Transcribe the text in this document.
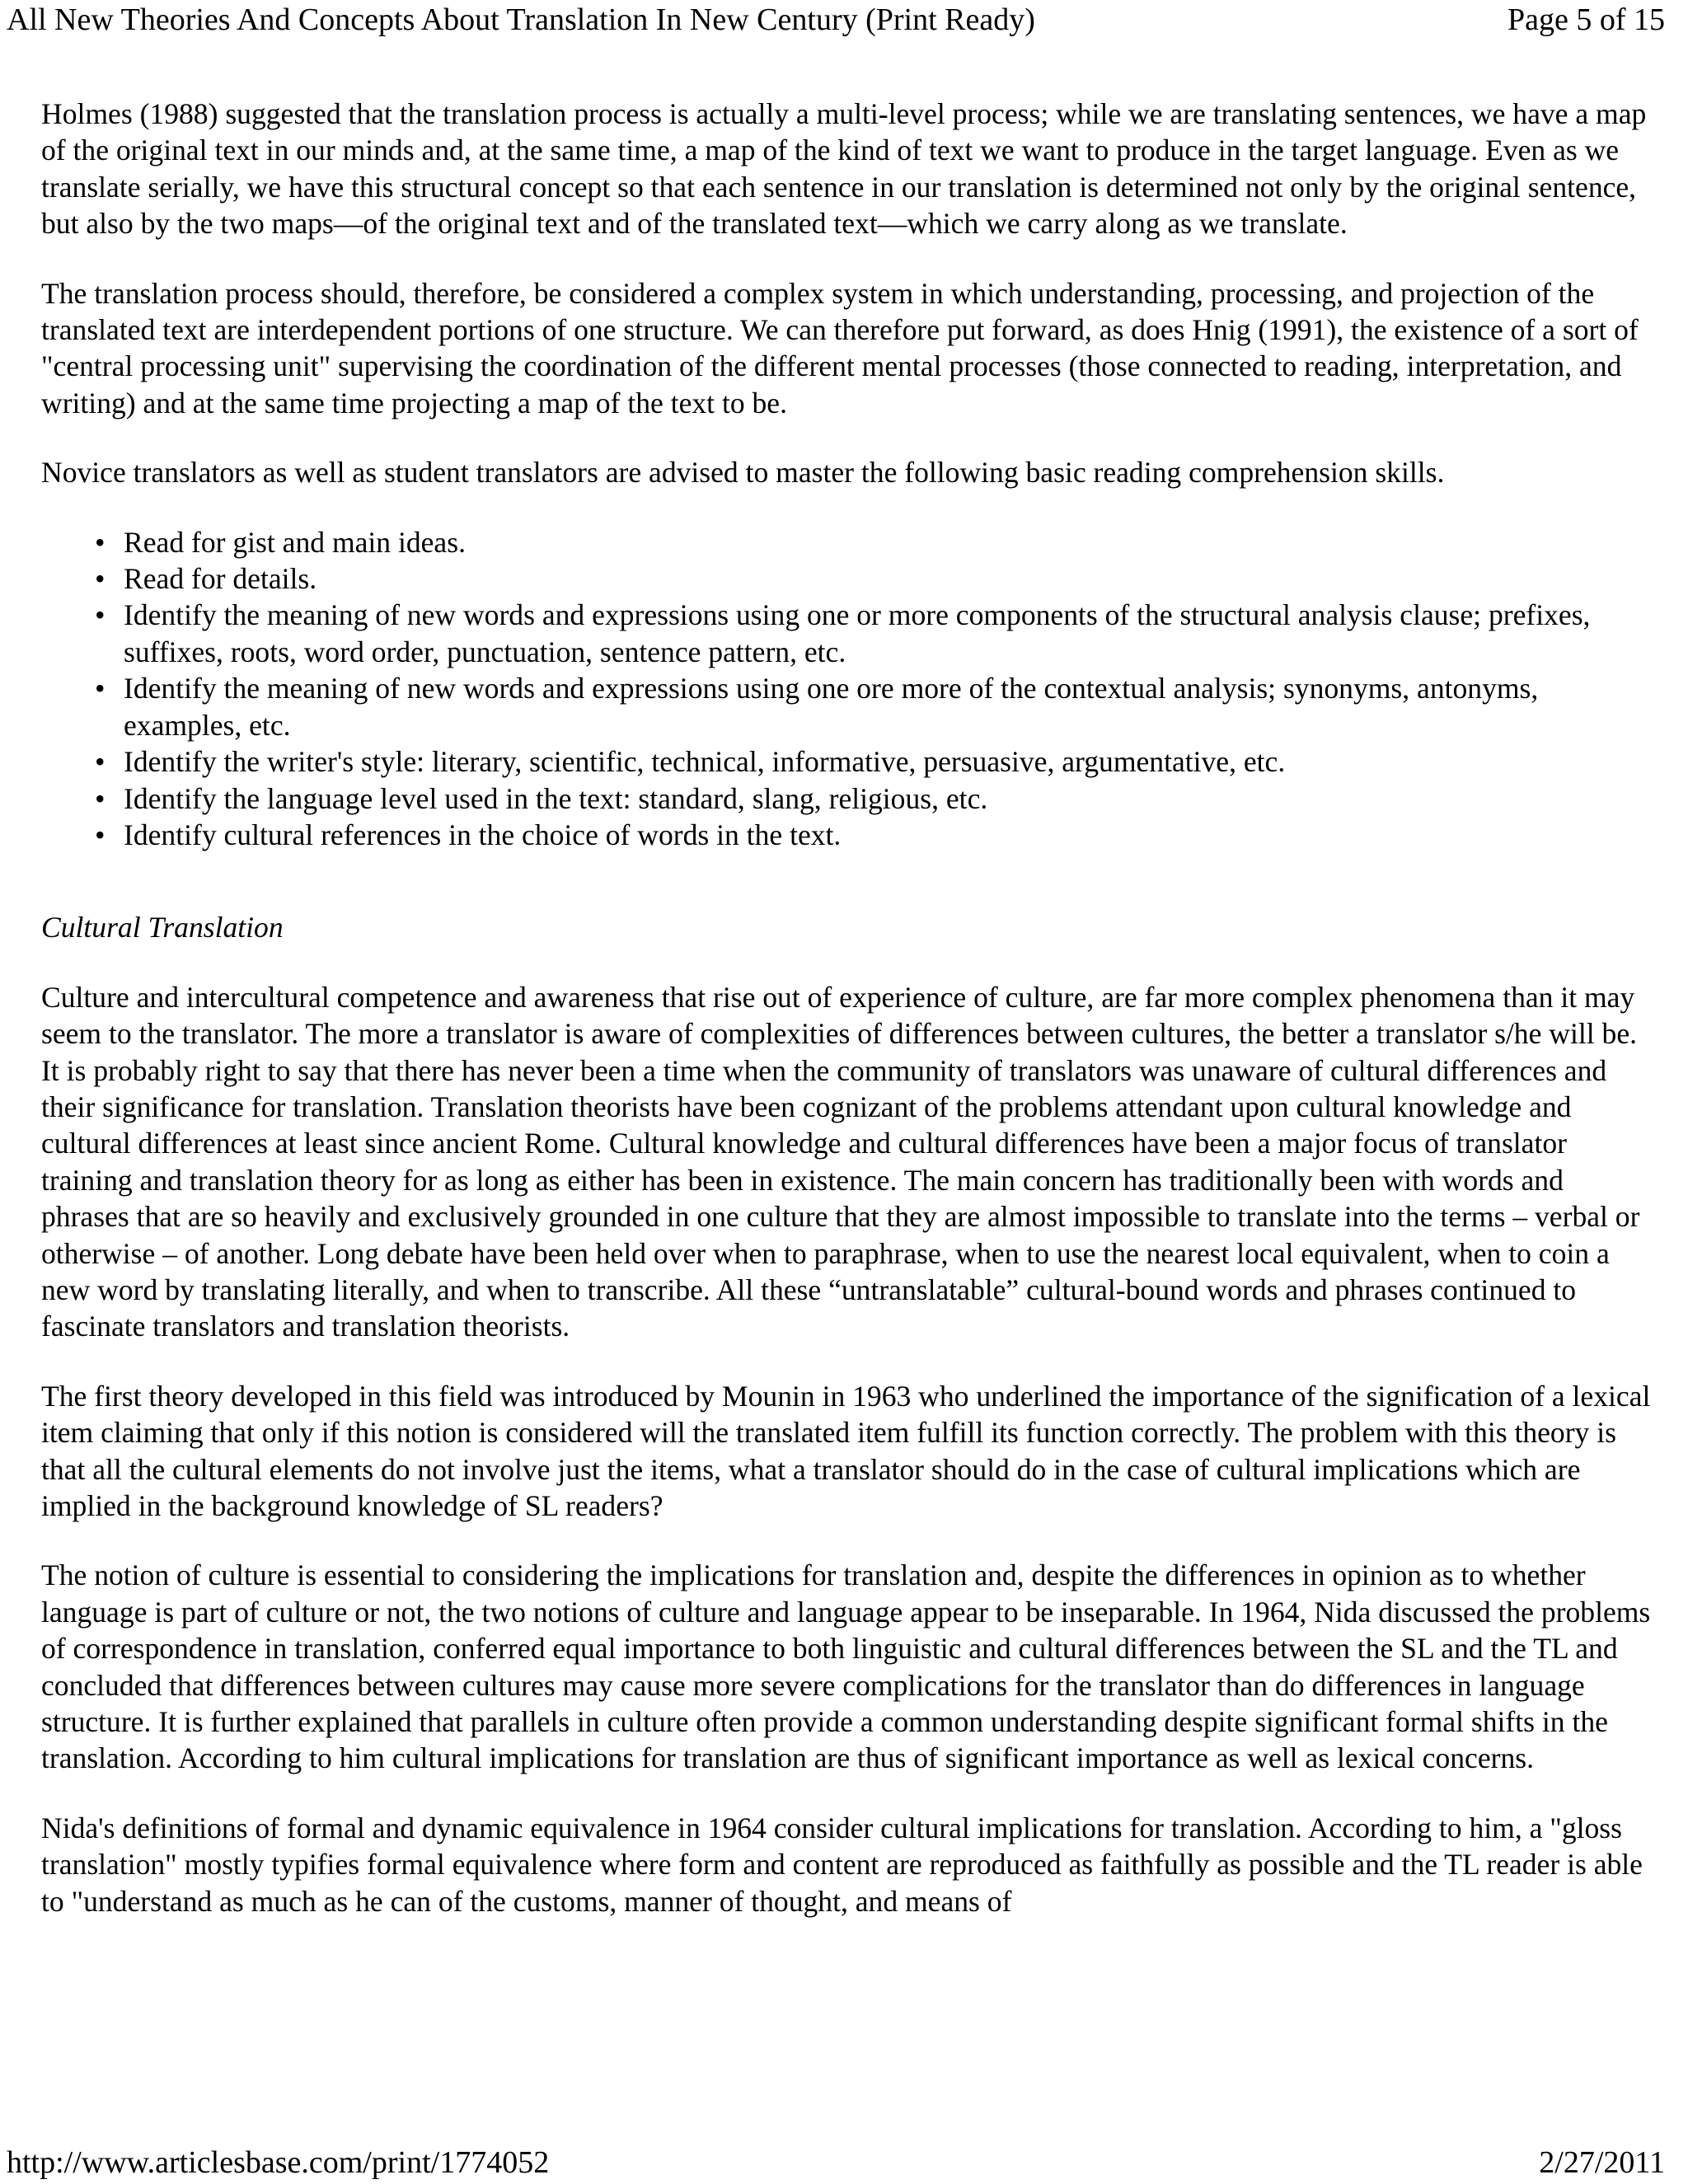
All New Theories And Concepts About Translation In New Century (Print Ready)	Page 5 of 15

Holmes (1988) suggested that the translation process is actually a multi-level process; while we are translating sentences, we have a map of the original text in our minds and, at the same time, a map of the kind of text we want to produce in the target language. Even as we translate serially, we have this structural concept so that each sentence in our translation is determined not only by the original sentence, but also by the two maps—of the original text and of the translated text—which we carry along as we translate.

The translation process should, therefore, be considered a complex system in which understanding, processing, and projection of the translated text are interdependent portions of one structure. We can therefore put forward, as does Hnig (1991), the existence of a sort of "central processing unit" supervising the coordination of the different mental processes (those connected to reading, interpretation, and writing) and at the same time projecting a map of the text to be.

Novice translators as well as student translators are advised to master the following basic reading comprehension skills.

• Read for gist and main ideas.
• Read for details.
• Identify the meaning of new words and expressions using one or more components of the structural analysis clause; prefixes, suffixes, roots, word order, punctuation, sentence pattern, etc.
• Identify the meaning of new words and expressions using one ore more of the contextual analysis; synonyms, antonyms, examples, etc.
• Identify the writer's style: literary, scientific, technical, informative, persuasive, argumentative, etc.
• Identify the language level used in the text: standard, slang, religious, etc.
• Identify cultural references in the choice of words in the text.

Cultural Translation

Culture and intercultural competence and awareness that rise out of experience of culture, are far more complex phenomena than it may seem to the translator. The more a translator is aware of complexities of differences between cultures, the better a translator s/he will be. It is probably right to say that there has never been a time when the community of translators was unaware of cultural differences and their significance for translation. Translation theorists have been cognizant of the problems attendant upon cultural knowledge and cultural differences at least since ancient Rome. Cultural knowledge and cultural differences have been a major focus of translator training and translation theory for as long as either has been in existence. The main concern has traditionally been with words and phrases that are so heavily and exclusively grounded in one culture that they are almost impossible to translate into the terms – verbal or otherwise – of another. Long debate have been held over when to paraphrase, when to use the nearest local equivalent, when to coin a new word by translating literally, and when to transcribe. All these “untranslatable” cultural-bound words and phrases continued to fascinate translators and translation theorists.

The first theory developed in this field was introduced by Mounin in 1963 who underlined the importance of the signification of a lexical item claiming that only if this notion is considered will the translated item fulfill its function correctly. The problem with this theory is that all the cultural elements do not involve just the items, what a translator should do in the case of cultural implications which are implied in the background knowledge of SL readers?

The notion of culture is essential to considering the implications for translation and, despite the differences in opinion as to whether language is part of culture or not, the two notions of culture and language appear to be inseparable. In 1964, Nida discussed the problems of correspondence in translation, conferred equal importance to both linguistic and cultural differences between the SL and the TL and concluded that differences between cultures may cause more severe complications for the translator than do differences in language structure. It is further explained that parallels in culture often provide a common understanding despite significant formal shifts in the translation. According to him cultural implications for translation are thus of significant importance as well as lexical concerns.

Nida's definitions of formal and dynamic equivalence in 1964 consider cultural implications for translation. According to him, a "gloss translation" mostly typifies formal equivalence where form and content are reproduced as faithfully as possible and the TL reader is able to "understand as much as he can of the customs, manner of thought, and means of

http://www.articlesbase.com/print/1774052	2/27/2011
